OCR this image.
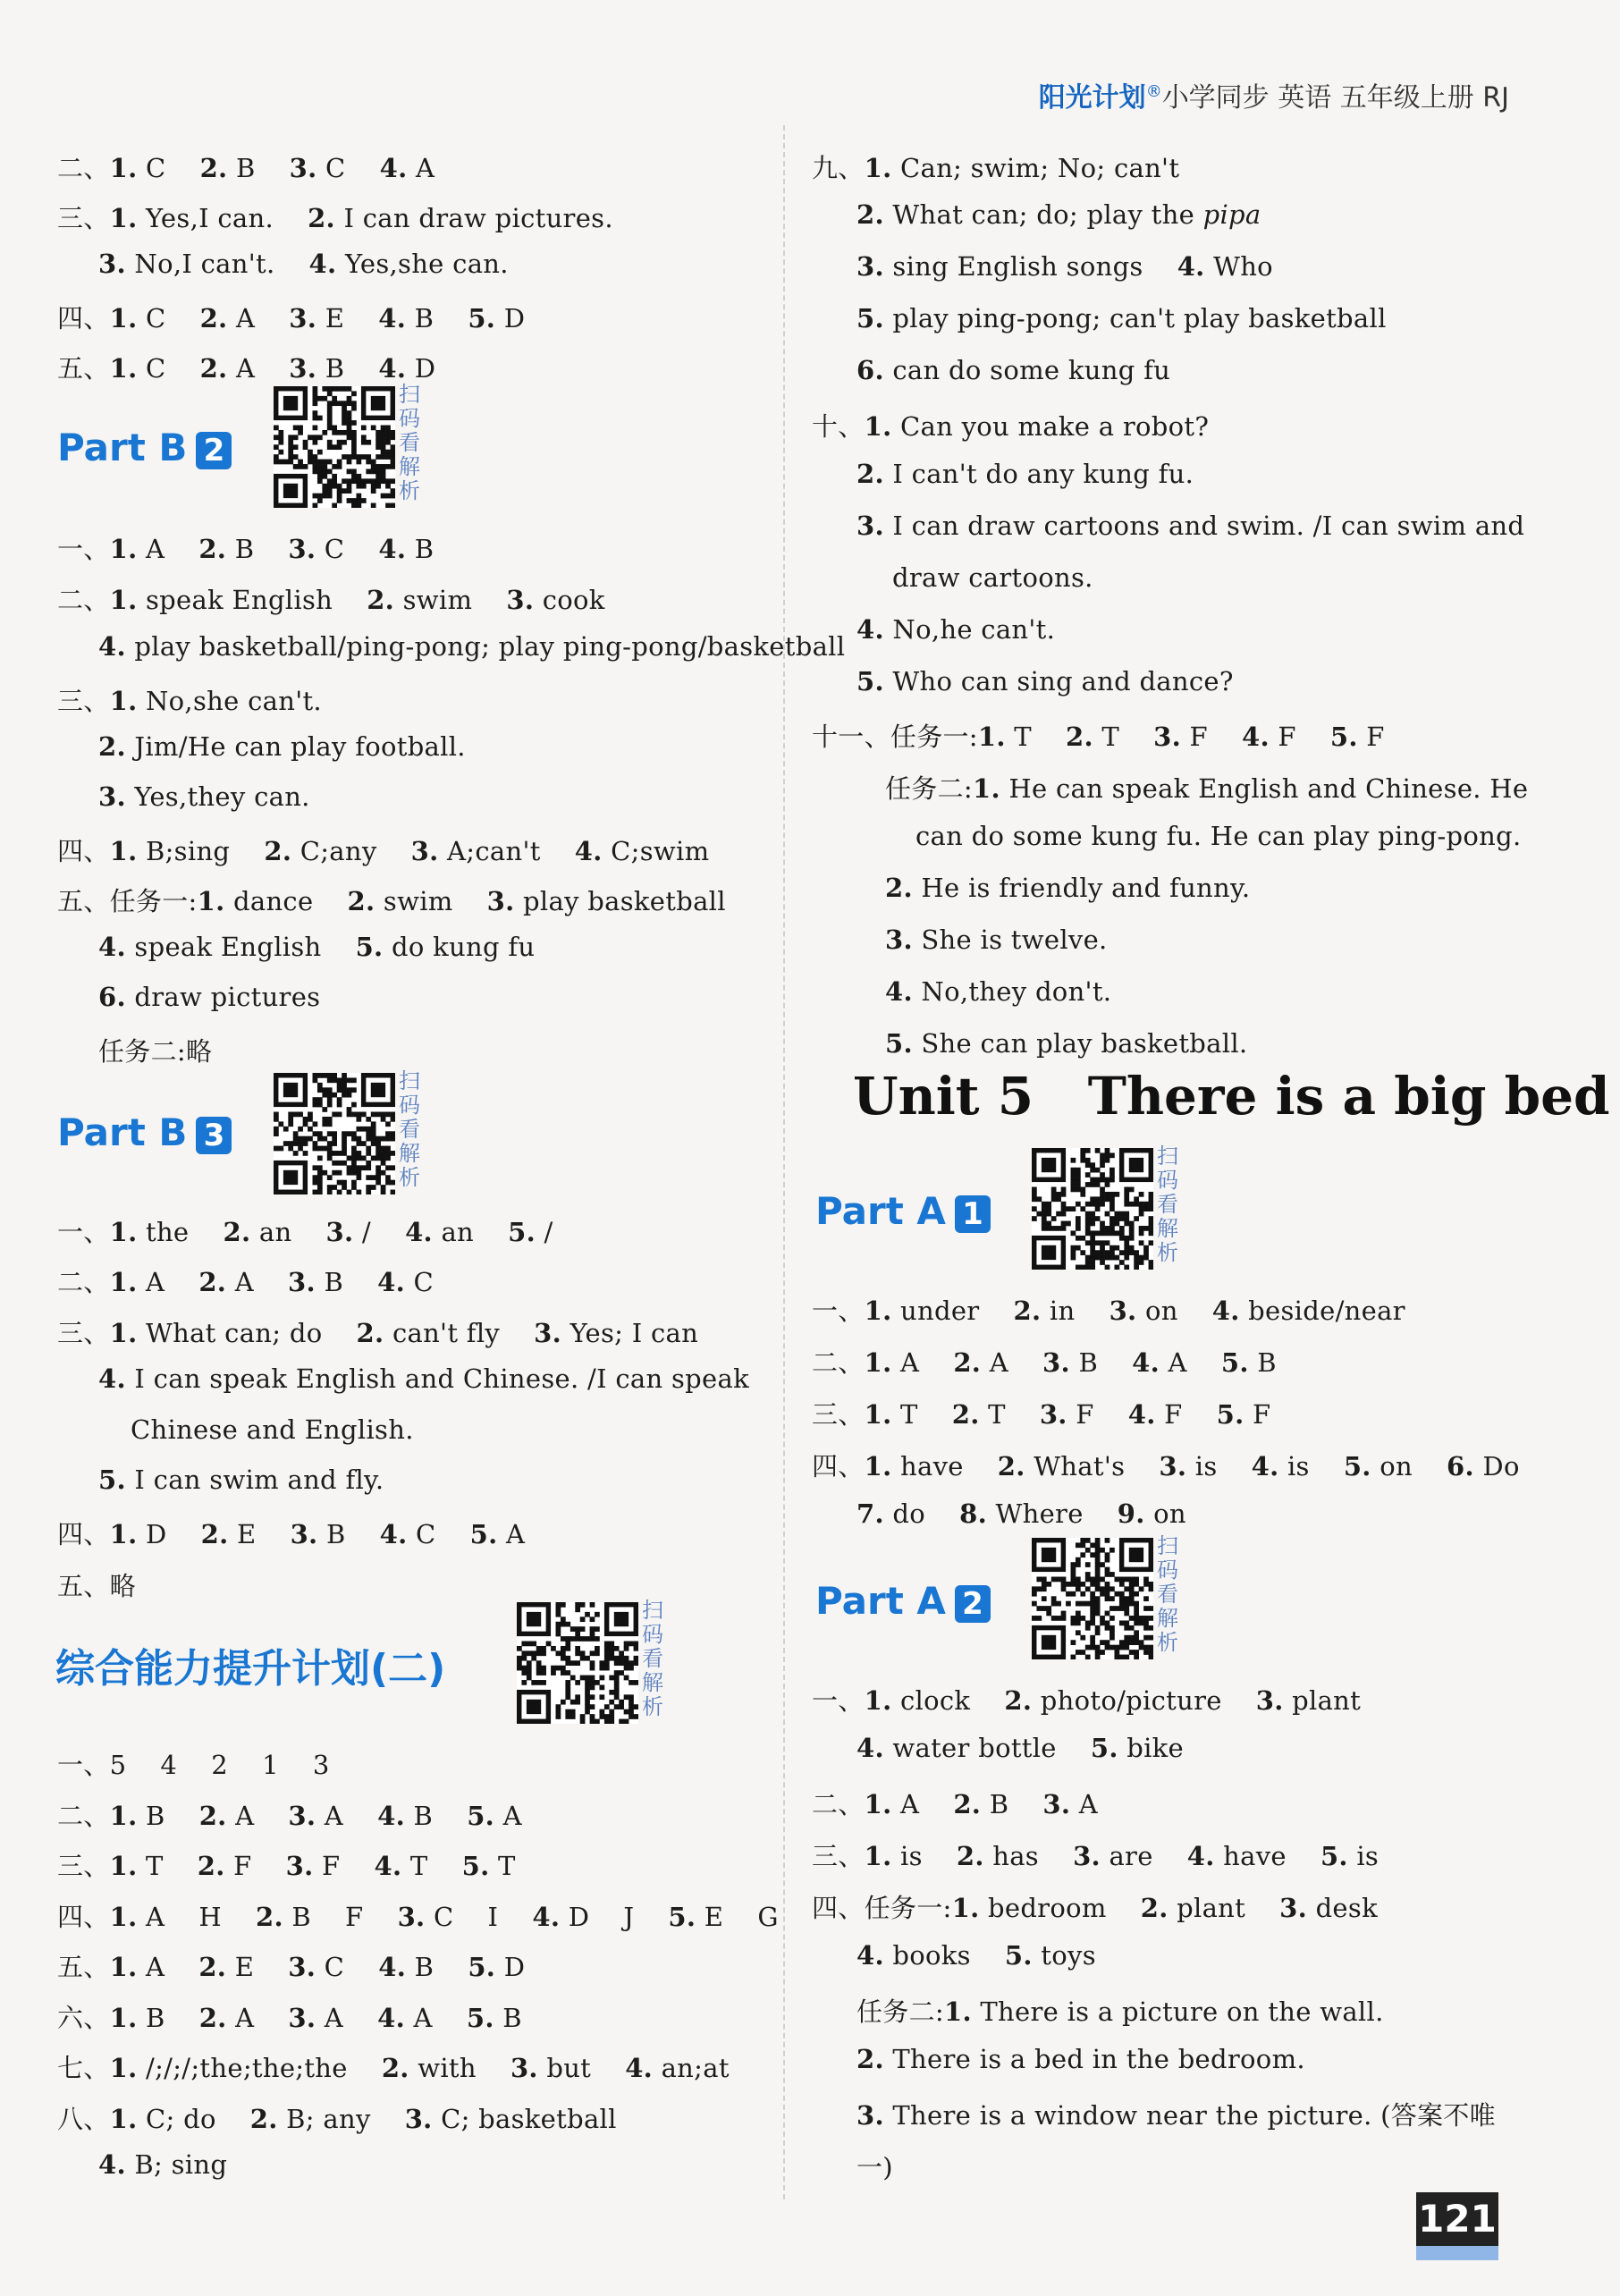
阳光计划®小学同步 英语 五年级上册 RJ
二、1. C    2. B    3. C    4. A
三、1. Yes,I can.    2. I can draw pictures.
3. No,I can't.    4. Yes,she can.
四、1. C    2. A    3. E    4. B    5. D
五、1. C    2. A    3. B    4. D
一、1. A    2. B    3. C    4. B
二、1. speak English    2. swim    3. cook
4. play basketball/ping-pong; play ping-pong/basketball
三、1. No,she can't.
2. Jim/He can play football.
3. Yes,they can.
四、1. B;sing    2. C;any    3. A;can't    4. C;swim
五、任务一:1. dance    2. swim    3. play basketball
4. speak English    5. do kung fu
6. draw pictures
任务二:略
一、1. the    2. an    3. /    4. an    5. /
二、1. A    2. A    3. B    4. C
三、1. What can; do    2. can't fly    3. Yes; I can
4. I can speak English and Chinese. /I can speak
Chinese and English.
5. I can swim and fly.
四、1. D    2. E    3. B    4. C    5. A
五、略
一、5    4    2    1    3
二、1. B    2. A    3. A    4. B    5. A
三、1. T    2. F    3. F    4. T    5. T
四、1. A    H    2. B    F    3. C    I    4. D    J    5. E    G
五、1. A    2. E    3. C    4. B    5. D
六、1. B    2. A    3. A    4. A    5. B
七、1. /;/;/;the;the;the    2. with    3. but    4. an;at
八、1. C; do    2. B; any    3. C; basketball
4. B; sing
九、1. Can; swim; No; can't
2. What can; do; play the pipa
3. sing English songs    4. Who
5. play ping-pong; can't play basketball
6. can do some kung fu
十、1. Can you make a robot?
2. I can't do any kung fu.
3. I can draw cartoons and swim. /I can swim and
draw cartoons.
4. No,he can't.
5. Who can sing and dance?
十一、任务一:1. T    2. T    3. F    4. F    5. F
任务二:1. He can speak English and Chinese. He
can do some kung fu. He can play ping-pong.
2. He is friendly and funny.
3. She is twelve.
4. No,they don't.
5. She can play basketball.
一、1. under    2. in    3. on    4. beside/near
二、1. A    2. A    3. B    4. A    5. B
三、1. T    2. T    3. F    4. F    5. F
四、1. have    2. What's    3. is    4. is    5. on    6. Do
7. do    8. Where    9. on
一、1. clock    2. photo/picture    3. plant
4. water bottle    5. bike
二、1. A    2. B    3. A
三、1. is    2. has    3. are    4. have    5. is
四、任务一:1. bedroom    2. plant    3. desk
4. books    5. toys
任务二:1. There is a picture on the wall.
2. There is a bed in the bedroom.
3. There is a window near the picture. (答案不唯
一)
Part B 2
Part B 3
综合能力提升计划(二)
Unit 5   There is a big bed
Part A 1
Part A 2
扫码看解析
扫码看解析
扫码看解析
扫码看解析
扫码看解析
121
